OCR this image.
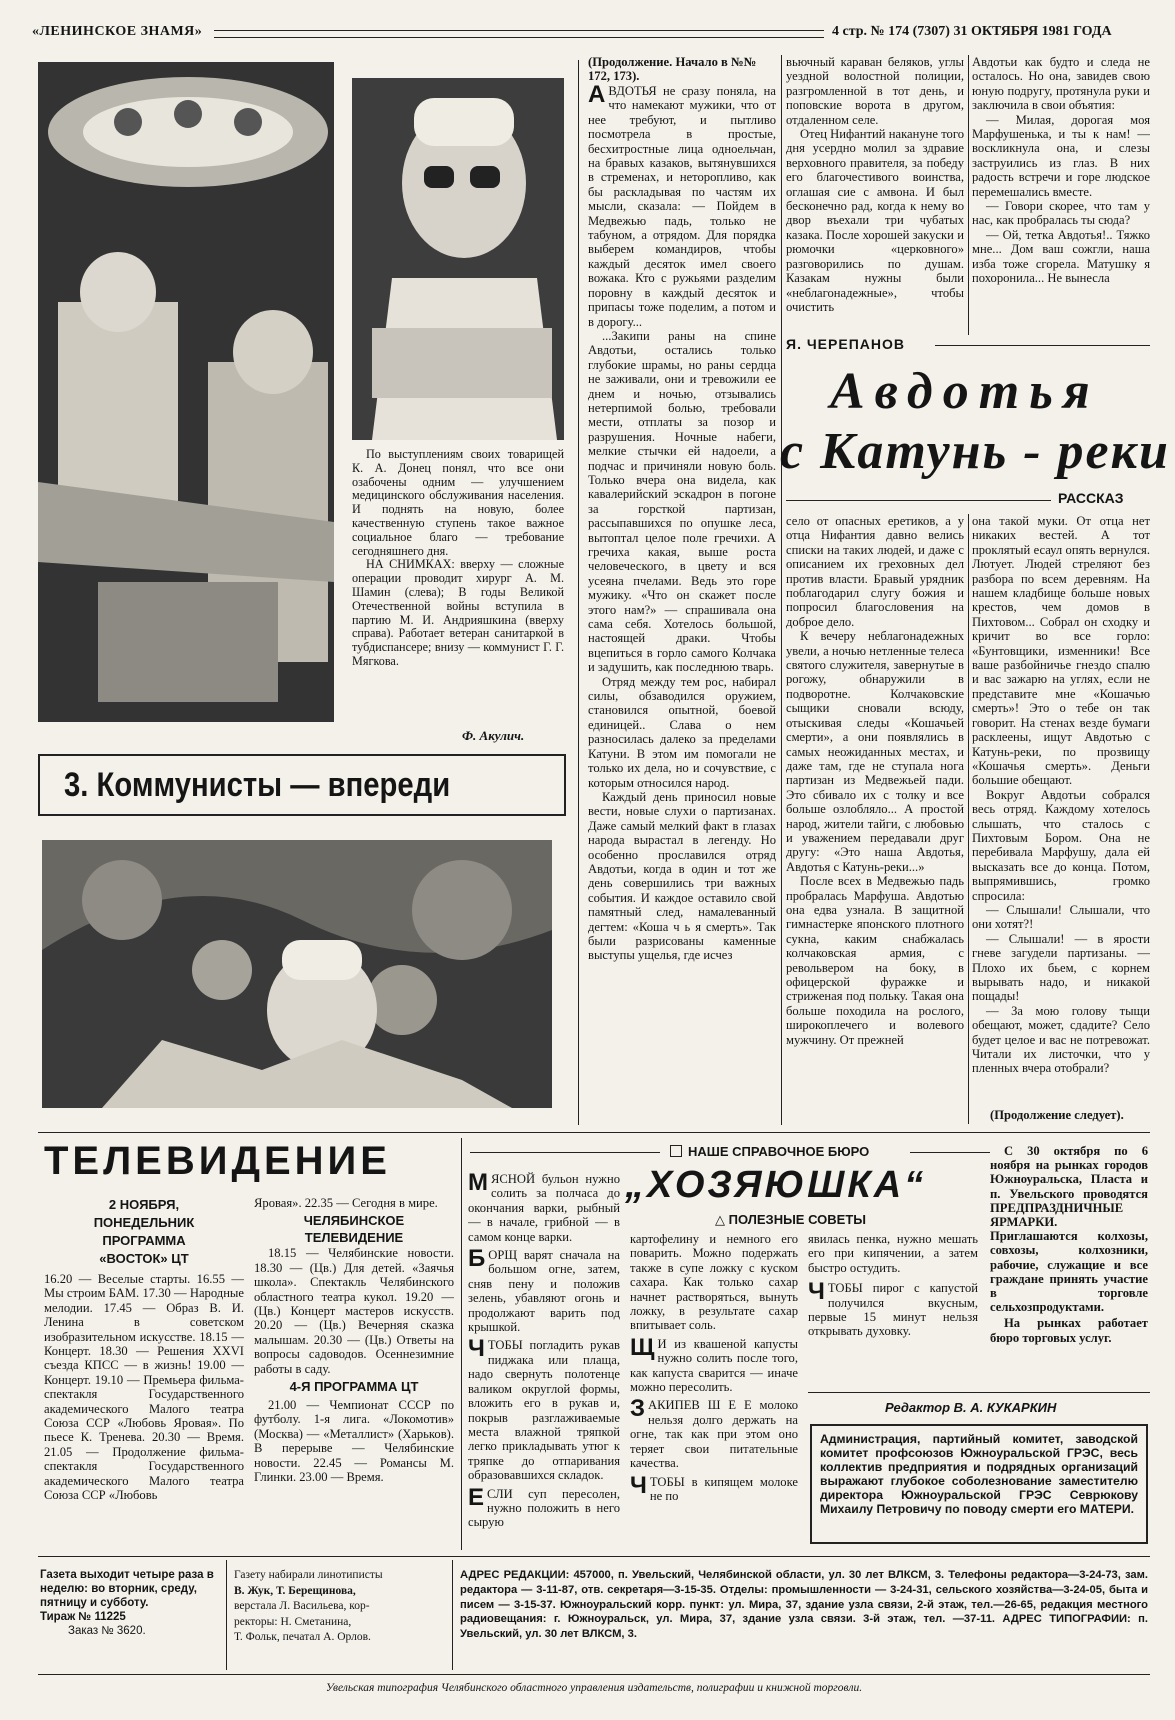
«ЛЕНИНСКОЕ ЗНАМЯ»	4 стр. № 174 (7307) 31 ОКТЯБРЯ 1981 ГОДА

По выступлениям своих товарищей К. А. Донец понял, что все они озабочены одним — улучшением медицинского обслуживания населения. И поднять на новую, более качественную ступень такое важное социальное благо — требование сегодняшнего дня.

НА СНИМКАХ: вверху — сложные операции проводит хирург А. М. Шамин (слева); В годы Великой Отечественной войны вступила в партию М. И. Андрияшкина (вверху справа). Работает ветеран санитаркой в тубдиспансере; внизу — коммунист Г. Г. Мягкова.

Ф. Акулич.
3. Коммунисты — впереди
(Продолжение. Начало в №№ 172, 173).

АВДОТЬЯ не сразу поняла, на что намекают мужики, что от нее требуют, и пытливо посмотрела в простые, бесхитростные лица одноельчан, на бравых казаков, вытянувшихся в стременах, и неторопливо, как бы раскладывая по частям их мысли, сказала: — Пойдем в Медвежью падь, только не табуном, а отрядом. Для порядка выберем командиров, чтобы каждый десяток имел своего вожака. Кто с ружьями разделим поровну в каждый десяток и припасы тоже поделим, а потом и в дорогу...

...Закипи раны на спине Авдотьи, остались только глубокие шрамы, но раны сердца не заживали, они и тревожили ее днем и ночью, отзывались нетерпимой болью, требовали мести, отплаты за позор и разрушения. Ночные набеги, мелкие стычки ей надоели, а подчас и причиняли новую боль. Только вчера она видела, как кавалерийский эскадрон в погоне за горсткой партизан, рассыпавшихся по опушке леса, вытоптал целое поле гречихи. А гречиха какая, выше роста человеческого, в цвету и вся усеяна пчелами. Ведь это горе мужику. «Что он скажет после этого нам?» — спрашивала она сама себя. Хотелось большой, настоящей драки. Чтобы вцепиться в горло самого Колчака и задушить, как последнюю тварь.

Отряд между тем рос, набирал силы, обзаводился оружием, становился опытной, боевой единицей.. Слава о нем разносилась далеко за пределами Катуни. В этом им помогали не только их дела, но и сочувствие, с которым относился народ.

Каждый день приносил новые вести, новые слухи о партизанах. Даже самый мелкий факт в глазах народа вырастал в легенду. Но особенно прославился отряд Авдотьи, когда в один и тот же день совершились три важных события. И каждое оставило свой памятный след, намалеванный дегтем: «Коша ч ь я смерть». Так были разрисованы каменные выступы ущелья, где исчез

вьючный караван беляков, углы уездной волостной полиции, разгромленной в тот день, и поповские ворота в другом, отдаленном селе.

Отец Нифантий накануне того дня усердно молил за здравие верховного правителя, за победу его благочестивого воинства, оглашая сие с амвона. И был бесконечно рад, когда к нему во двор въехали три чубатых казака. После хорошей закуски и рюмочки «церковного» разговорились по душам. Казакам нужны были «неблагонадежные», чтобы очистить

Авдотьи как будто и следа не осталось. Но она, завидев свою юную подругу, протянула руки и заключила в свои объятия:

— Милая, дорогая моя Марфушенька, и ты к нам! — воскликнула она, и слезы заструились из глаз. В них радость встречи и горе людское перемешались вместе.

— Говори скорее, что там у нас, как пробралась ты сюда?

— Ой, тетка Авдотья!.. Тяжко мне... Дом ваш сожгли, наша изба тоже сгорела. Матушку я похоронила... Не вынесла

Я. ЧЕРЕПАНОВ
Авдотья
с Катунь - реки
РАССКАЗ

село от опасных еретиков, а у отца Нифантия давно велись списки на таких людей, и даже с описанием их греховных дел против власти. Бравый урядник поблагодарил слугу божия и попросил благословения на доброе дело.

К вечеру неблагонадежных увели, а ночью нетленные телеса святого служителя, завернутые в рогожу, обнаружили в подворотне. Колчаковские сыщики сновали всюду, отыскивая следы «Кошачьей смерти», а они появлялись в самых неожиданных местах, и даже там, где не ступала нога партизан из Медвежьей пади. Это сбивало их с толку и все больше озлобляло... А простой народ, жители тайги, с любовью и уважением передавали друг другу: «Это наша Авдотья, Авдотья с Катунь-реки...»

После всех в Медвежью падь пробралась Марфуша. Авдотью она едва узнала. В защитной гимнастерке японского плотного сукна, каким снабжалась колчаковская армия, с револьвером на боку, в офицерской фуражке и стриженая под польку. Такая она больше походила на рослого, широкоплечего и волевого мужчину. От прежней

она такой муки. От отца нет никаких вестей. А тот проклятый есаул опять вернулся. Лютует. Людей стреляют без разбора по всем деревням. На нашем кладбище больше новых крестов, чем домов в Пихтовом... Собрал он сходку и кричит во все горло: «Бунтовщики, изменники! Все ваше разбойничье гнездо спалю и вас зажарю на углях, если не представите мне «Кошачью смерть»! Это о тебе он так говорит. На стенах везде бумаги расклеены, ищут Авдотью с Катунь-реки, по прозвищу «Кошачья смерть». Деньги большие обещают.

Вокруг Авдотьи собрался весь отряд. Каждому хотелось слышать, что сталось с Пихтовым Бором. Она не перебивала Марфушу, дала ей высказать все до конца. Потом, выпрямившись, громко спросила:

— Слышали! Слышали, что они хотят?!

— Слышали! — в ярости гневе загудели партизаны. —Плохо их бьем, с корнем вырывать надо, и никакой пощады!

— За мою голову тыщи обещают, может, сдадите? Село будет целое и вас не потревожат. Читали их листочки, что у пленных вчера отобрали?

(Продолжение следует).
ТЕЛЕВИДЕНИЕ
2 НОЯБРЯ,
ПОНЕДЕЛЬНИК
ПРОГРАММА
«ВОСТОК» ЦТ

16.20 — Веселые старты. 16.55 — Мы строим БАМ. 17.30 — Народные мелодии. 17.45 — Образ В. И. Ленина в советском изобразительном искусстве. 18.15 — Концерт. 18.30 — Решения XXVI съезда КПСС — в жизнь! 19.00 — Концерт. 19.10 — Премьера фильма-спектакля Государственного академического Малого театра Союза ССР «Любовь Яровая». По пьесе К. Тренева. 20.30 — Время. 21.05 — Продолжение фильма-спектакля Государственного академического Малого театра Союза ССР «Любовь

Яровая». 22.35 — Сегодня в мире.

ЧЕЛЯБИНСКОЕ
ТЕЛЕВИДЕНИЕ

18.15 — Челябинские новости. 18.30 — (Цв.) Для детей. «Заячья школа». Спектакль Челябинского областного театра кукол. 19.20 — (Цв.) Концерт мастеров искусств. 20.20 — (Цв.) Вечерняя сказка малышам. 20.30 — (Цв.) Ответы на вопросы садоводов. Осеннезимние работы в саду.

4-Я ПРОГРАММА ЦТ

21.00 — Чемпионат СССР по футболу. 1-я лига. «Локомотив» (Москва) — «Металлист» (Харьков). В перерыве — Челябинские новости. 22.45 — Романсы М. Глинки. 23.00 — Время.

НАШЕ СПРАВОЧНОЕ БЮРО
„ХОЗЯЮШКА“
△ ПОЛЕЗНЫЕ СОВЕТЫ

МЯСНОЙ бульон нужно солить за полчаса до окончания варки, рыбный — в начале, грибной — в самом конце варки.

БОРЩ варят сначала на большом огне, затем, сняв пену и положив зелень, убавляют огонь и продолжают варить под крышкой.

ЧТОБЫ погладить рукав пиджака или плаща, надо свернуть полотенце валиком округлой формы, вложить его в рукав и, покрыв разглаживаемые места влажной тряпкой легко прикладывать утюг к тряпке до отпаривания образовавшихся складок.

ЕСЛИ суп пересолен, нужно положить в него сырую

картофелину и немного его поварить. Можно подержать также в супе ложку с куском сахара. Как только сахар начнет растворяться, вынуть ложку, в результате сахар впитывает соль.

Щ И из квашеной капусты нужно солить после того, как капуста сварится — иначе можно пересолить.

ЗАКИПЕВ Ш Е Е молоко нельзя долго держать на огне, так как при этом оно теряет свои питательные качества.

ЧТОБЫ в кипящем молоке не по

явилась пенка, нужно мешать его при кипячении, а затем быстро остудить.

ЧТОБЫ пирог с капустой получился вкусным, первые 15 минут нельзя открывать духовку.

С 30 октября по 6 ноября на рынках городов Южноуральска, Пласта и п. Увельского проводятся ПРЕДПРАЗДНИЧНЫЕ ЯРМАРКИ. Приглашаются колхозы, совхозы, колхозники, рабочие, служащие и все граждане принять участие в торговле сельхозпродуктами.

На рынках работает бюро торговых услуг.

Редактор В. А. КУКАРКИН
Администрация, партийный комитет, заводской комитет профсоюзов Южноуральской ГРЭС, весь коллектив предприятия и подрядных организаций выражают глубокое соболезнование заместителю директора Южноуральской ГРЭС Севрюкову Михаилу Петровичу по поводу смерти его МАТЕРИ.
Газета выходит четыре раза в неделю: во вторник, среду, пятницу и субботу.
Тираж № 11225
Заказ № 3620.
Газету набирали линотиписты
В. Жук, Т. Берещинова,
верстала Л. Васильева, кор-
ректоры: Н. Сметанина,
Т. Фольк, печатал А. Орлов.
АДРЕС РЕДАКЦИИ: 457000, п. Увельский, Челябинской области, ул. 30 лет ВЛКСМ, 3. Телефоны редактора—3-24-73, зам. редактора — 3-11-87, отв. секретаря—3-15-35. Отделы: промышленности — 3-24-31, сельского хозяйства—3-24-05, быта и писем — 3-15-37. Южноуральский корр. пункт: ул. Мира, 37, здание узла связи, 2-й этаж, тел.—26-65, редакция местного радиовещания: г. Южноуральск, ул. Мира, 37, здание узла связи. 3-й этаж, тел. —37-11. АДРЕС ТИПОГРАФИИ: п. Увельский, ул. 30 лет ВЛКСМ, 3.
Увельская типография Челябинского областного управления издательств, полиграфии и книжной торговли.
